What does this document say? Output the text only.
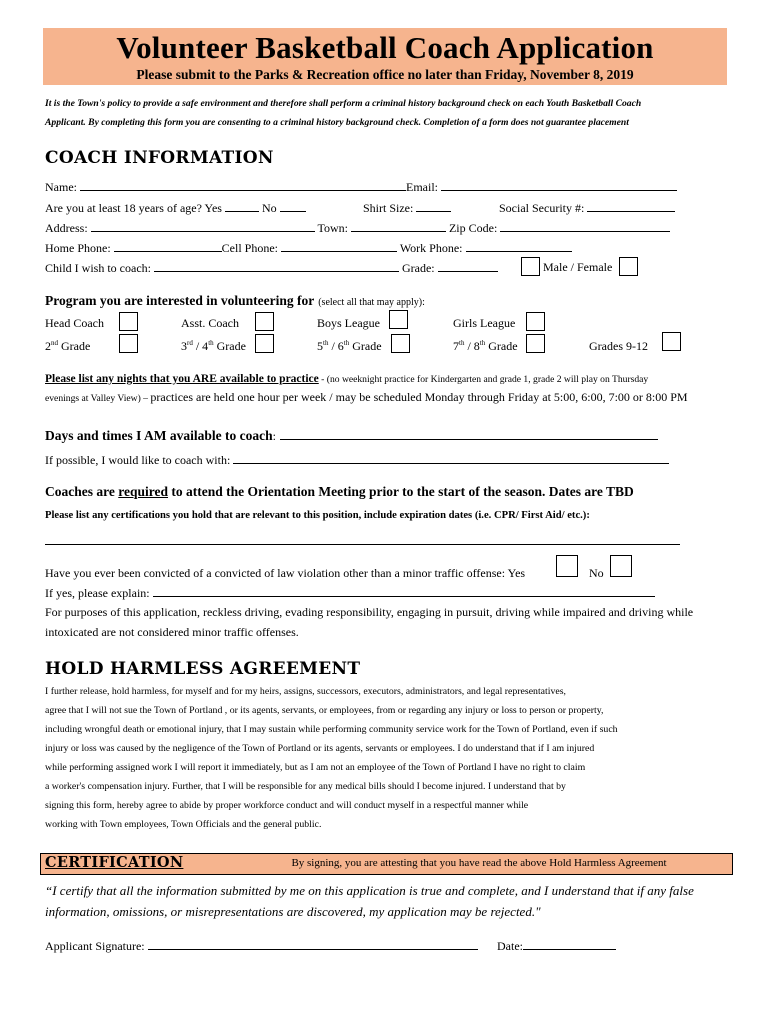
Volunteer Basketball Coach Application
Please submit to the Parks & Recreation office no later than Friday, November 8, 2019
It is the Town's policy to provide a safe environment and therefore shall perform a criminal history background check on each Youth Basketball Coach
Applicant. By completing this form you are consenting to a criminal history background check. Completion of a form does not guarantee placement
COACH INFORMATION
Name:	Email:
Are you at least 18 years of age? Yes	No	Shirt Size:	Social Security #:
Address:	Town:	Zip Code:
Home Phone:	Cell Phone:	Work Phone:
Child I wish to coach:	Grade:	Male / Female
Program you are interested in volunteering for (select all that may apply):
Head Coach	Asst. Coach	Boys League	Girls League
2nd Grade	3rd / 4th Grade	5th / 6th Grade	7th / 8th Grade	Grades 9-12
Please list any nights that you ARE available to practice - (no weeknight practice for Kindergarten and grade 1, grade 2 will play on Thursday
evenings at Valley View) – practices are held one hour per week / may be scheduled Monday through Friday at 5:00, 6:00, 7:00 or 8:00 PM
Days and times I AM available to coach:
If possible, I would like to coach with:
Coaches are required to attend the Orientation Meeting prior to the start of the season. Dates are TBD
Please list any certifications you hold that are relevant to this position, include expiration dates (i.e. CPR/ First Aid/ etc.):
Have you ever been convicted of a convicted of law violation other than a minor traffic offense: Yes	No
If yes, please explain:
For purposes of this application, reckless driving, evading responsibility, engaging in pursuit, driving while impaired and driving while
intoxicated are not considered minor traffic offenses.
HOLD HARMLESS AGREEMENT
I further release, hold harmless, for myself and for my heirs, assigns, successors, executors, administrators, and legal representatives,
agree that I will not sue the Town of Portland , or its agents, servants, or employees, from or regarding any injury or loss to person or property,
including wrongful death or emotional injury, that I may sustain while performing community service work for the Town of Portland, even if such
injury or loss was caused by the negligence of the Town of Portland or its agents, servants or employees. I do understand that if I am injured
while performing assigned work I will report it immediately, but as I am not an employee of the Town of Portland I have no right to claim
a worker's compensation injury. Further, that I will be responsible for any medical bills should I become injured. I understand that by
signing this form, hereby agree to abide by proper workforce conduct and will conduct myself in a respectful manner while
working with Town employees, Town Officials and the general public.
CERTIFICATION	By signing, you are attesting that you have read the above Hold Harmless Agreement
“I certify that all the information submitted by me on this application is true and complete, and I understand that if any false
information, omissions, or misrepresentations are discovered, my application may be rejected."
Applicant Signature:	Date:
